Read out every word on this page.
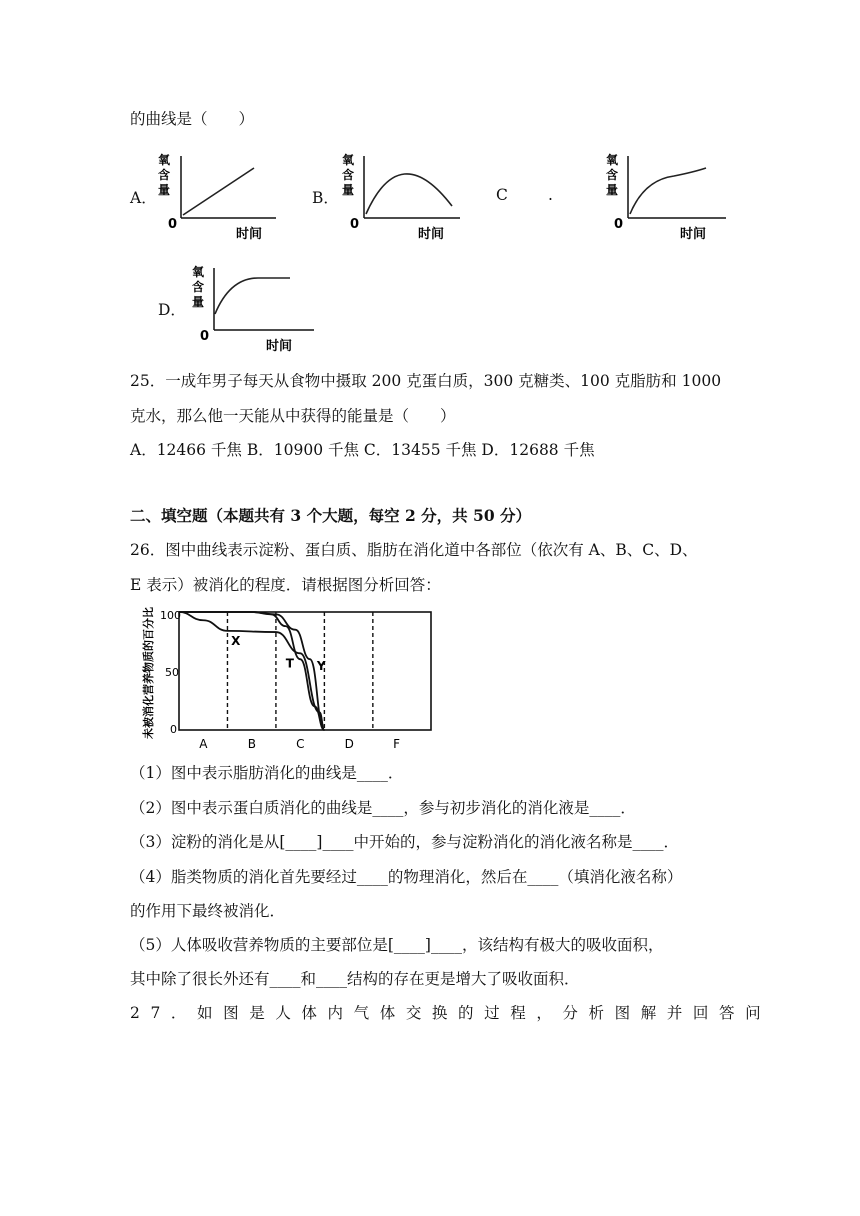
的曲线是（　　）
A．
氧
含
量
0
时间
B．
氧
含
量
0
时间
C	.
氧
含
量
0
时间
D．
氧
含
量
0
时间
25．一成年男子每天从食物中摄取 200 克蛋白质，300 克糖类、100 克脂肪和 1000
克水，那么他一天能从中获得的能量是（　　）
A．12466 千焦 B．10900 千焦 C．13455 千焦 D．12688 千焦
二、填空题（本题共有 3 个大题，每空 2 分，共 50 分）
26．图中曲线表示淀粉、蛋白质、脂肪在消化道中各部位（依次有 A、B、C、D、
E 表示）被消化的程度．请根据图分析回答：
未被消化营养物质的百分比 100
50
0
X
T Y
A	B	C	D	F
（1）图中表示脂肪消化的曲线是____．
（2）图中表示蛋白质消化的曲线是____，参与初步消化的消化液是____．
（3）淀粉的消化是从[____]____中开始的，参与淀粉消化的消化液名称是____．
（4）脂类物质的消化首先要经过____的物理消化，然后在____（填消化液名称）
的作用下最终被消化．
（5）人体吸收营养物质的主要部位是[____]____，该结构有极大的吸收面积，
其中除了很长外还有____和____结构的存在更是增大了吸收面积．
27．如图是人体内气体交换的过程，分析图解并回答问
